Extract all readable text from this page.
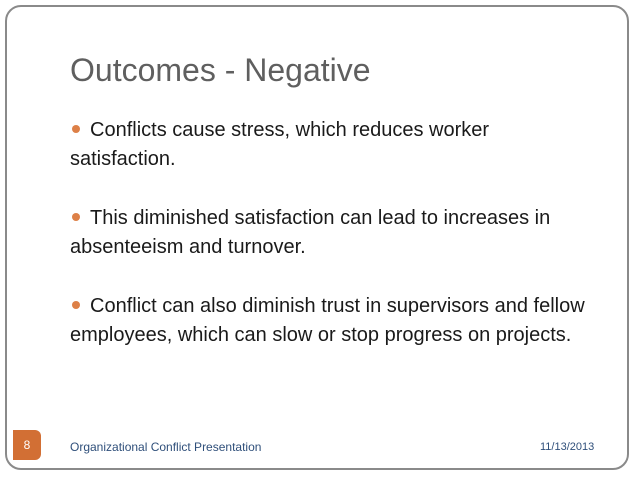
Outcomes - Negative
Conflicts cause stress, which reduces worker satisfaction.
This diminished satisfaction can lead to increases in absenteeism and turnover.
Conflict can also diminish trust in supervisors and fellow employees, which can slow or stop progress on projects.
8	Organizational Conflict Presentation	11/13/2013
